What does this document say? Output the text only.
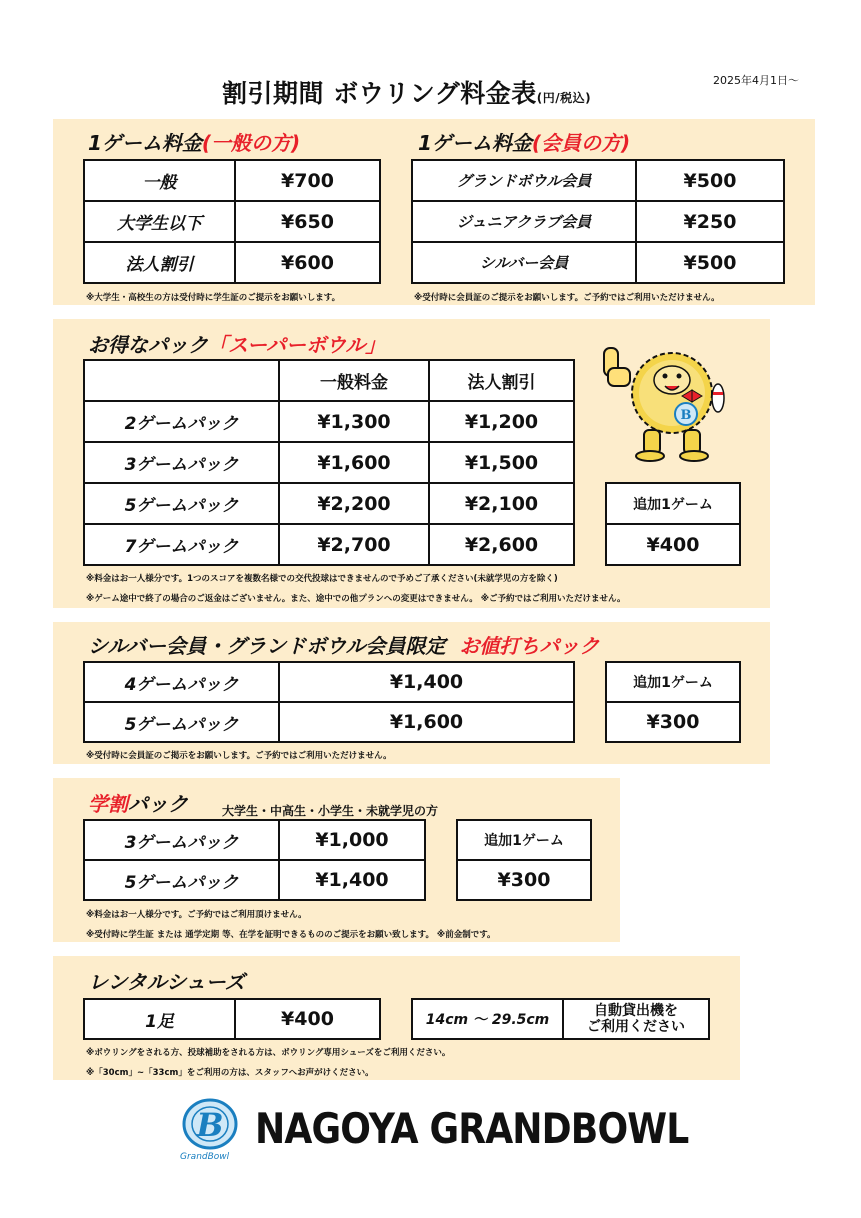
2025年4月1日〜
割引期間 ボウリング料金表(円/税込)
1ゲーム料金(一般の方)
一般	¥700
大学生以下	¥650
法人割引	¥600
※大学生・高校生の方は受付時に学生証のご提示をお願いします。
1ゲーム料金(会員の方)
グランドボウル会員	¥500
ジュニアクラブ会員	¥250
シルバー会員	¥500
※受付時に会員証のご提示をお願いします。ご予約ではご利用いただけません。
お得なパック「スーパーボウル」
	一般料金	法人割引
2ゲームパック	¥1,300	¥1,200
3ゲームパック	¥1,600	¥1,500
5ゲームパック	¥2,200	¥2,100
7ゲームパック	¥2,700	¥2,600
追加1ゲーム
¥400
※料金はお一人様分です。1つのスコアを複数名様での交代投球はできませんので予めご了承ください(未就学児の方を除く)
※ゲーム途中で終了の場合のご返金はございません。また、途中での他プランへの変更はできません。 ※ご予約ではご利用いただけません。
B
シルバー会員・グランドボウル会員限定 お値打ちパック
4ゲームパック	¥1,400
5ゲームパック	¥1,600
追加1ゲーム
¥300
※受付時に会員証のご掲示をお願いします。ご予約ではご利用いただけません。
学割パック	大学生・中高生・小学生・未就学児の方
3ゲームパック	¥1,000
5ゲームパック	¥1,400
追加1ゲーム
¥300
※料金はお一人様分です。ご予約ではご利用頂けません。
※受付時に学生証 または 通学定期 等、在学を証明できるもののご提示をお願い致します。 ※前金制です。
レンタルシューズ
1足	¥400	14cm ～ 29.5cm	
自動貸出機を
ご利用ください
※ボウリングをされる方、投球補助をされる方は、ボウリング専用シューズをご利用ください。
※「30cm」~「33cm」をご利用の方は、スタッフへお声がけください。
B
GrandBowl
NAGOYA GRANDBOWL
